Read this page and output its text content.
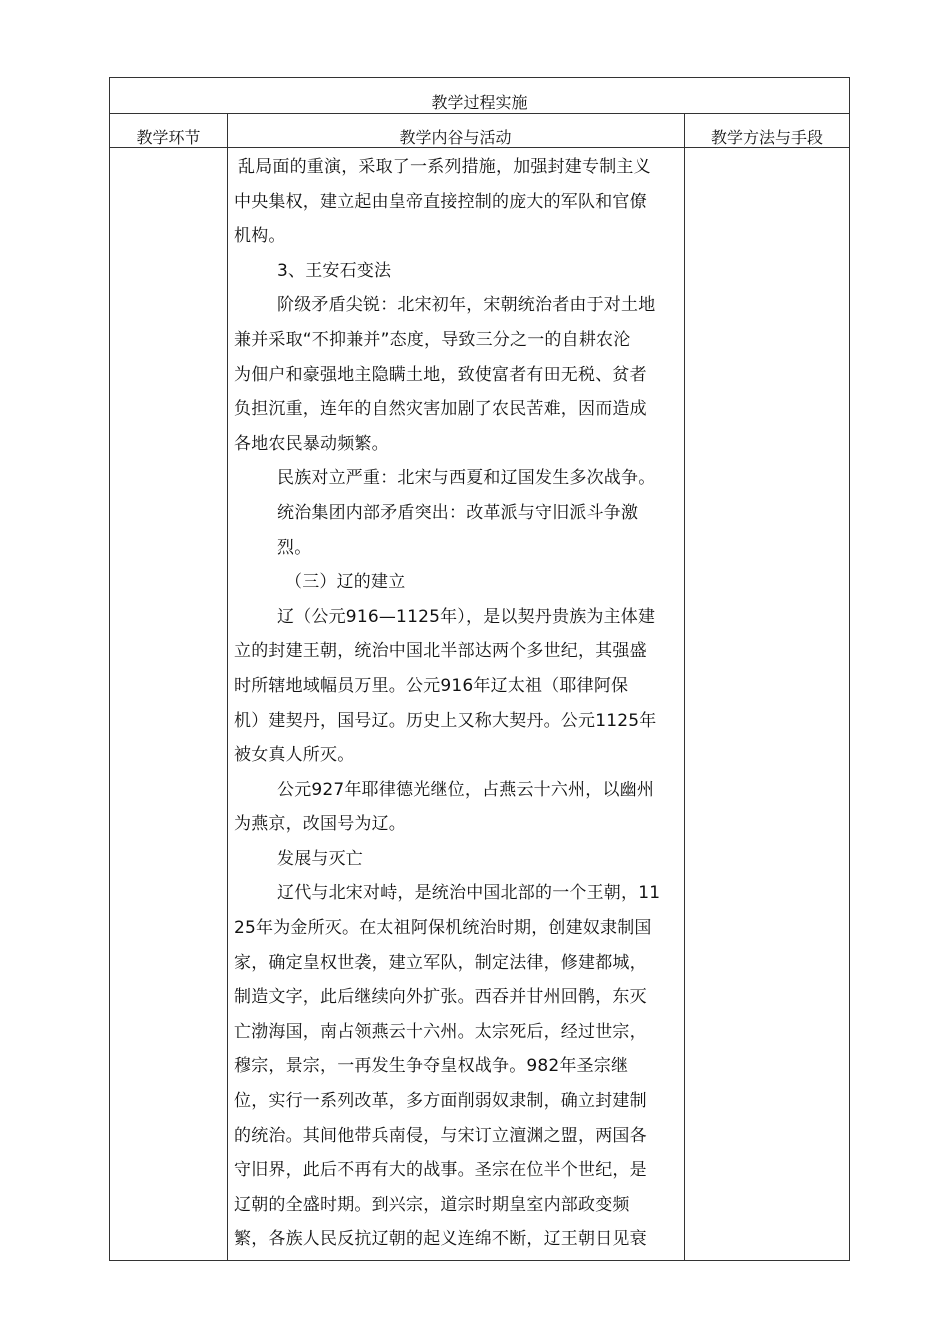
教学过程实施
教学环节	教学内谷与活动	教学方法与手段

乱局面的重演，采取了一系列措施，加强封建专制主义

中央集权，建立起由皇帝直接控制的庞大的军队和官僚

机构。

3、王安石变法

阶级矛盾尖锐：北宋初年，宋朝统治者由于对土地

兼并采取“不抑兼并”态度，导致三分之一的自耕农沦

为佃户和豪强地主隐瞒土地，致使富者有田无税、贫者

负担沉重，连年的自然灾害加剧了农民苦难，因而造成

各地农民暴动频繁。

民族对立严重：北宋与西夏和辽国发生多次战争。

统治集团内部矛盾突出：改革派与守旧派斗争激

烈。

（三）辽的建立

辽（公元916—1125年），是以契丹贵族为主体建

立的封建王朝，统治中国北半部达两个多世纪，其强盛

时所辖地域幅员万里。公元916年辽太祖（耶律阿保

机）建契丹，国号辽。历史上又称大契丹。公元1125年

被女真人所灭。

公元927年耶律德光继位，占燕云十六州，以幽州

为燕京，改国号为辽。

发展与灭亡

辽代与北宋对峙，是统治中国北部的一个王朝，11

25年为金所灭。在太祖阿保机统治时期，创建奴隶制国

家，确定皇权世袭，建立军队，制定法律，修建都城，

制造文字，此后继续向外扩张。西吞并甘州回鹘，东灭

亡渤海国，南占领燕云十六州。太宗死后，经过世宗，

穆宗，景宗，一再发生争夺皇权战争。982年圣宗继

位，实行一系列改革，多方面削弱奴隶制，确立封建制

的统治。其间他带兵南侵，与宋订立澶渊之盟，两国各

守旧界，此后不再有大的战事。圣宗在位半个世纪，是

辽朝的全盛时期。到兴宗，道宗时期皇室内部政变频

繁，各族人民反抗辽朝的起义连绵不断，辽王朝日见衰
